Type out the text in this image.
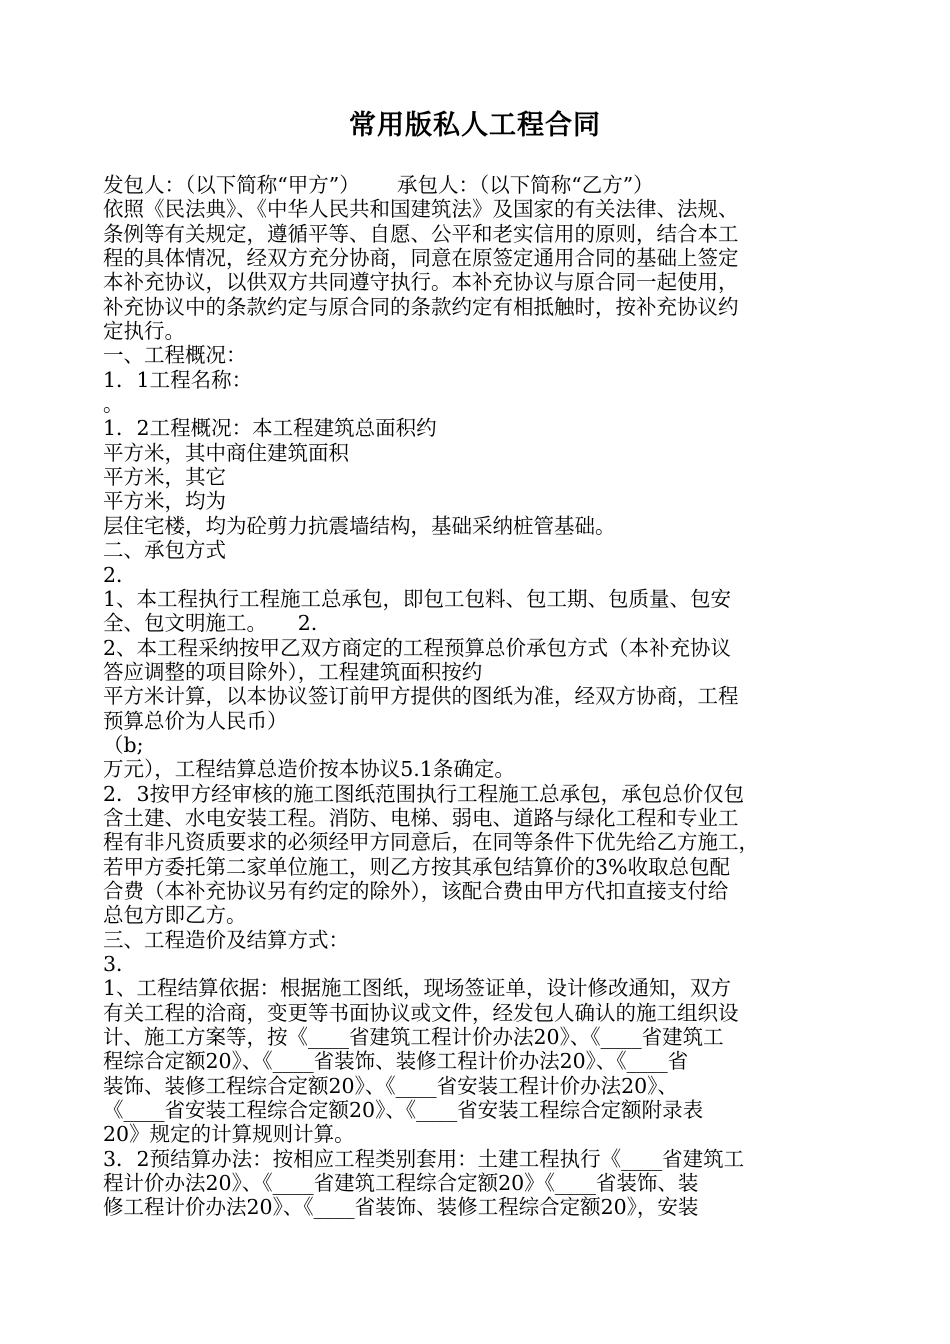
常用版私人工程合同
发包人：（以下简称“甲方”）　　 承包人：（以下简称“乙方”）
依照《民法典》、《中华人民共和国建筑法》及国家的有关法律、法规、
条例等有关规定，遵循平等、自愿、公平和老实信用的原则，结合本工
程的具体情况，经双方充分协商，同意在原签定通用合同的基础上签定
本补充协议，以供双方共同遵守执行。本补充协议与原合同一起使用，
补充协议中的条款约定与原合同的条款约定有相抵触时，按补充协议约
定执行。
一、工程概况：
1．1工程名称：
。
1．2工程概况：本工程建筑总面积约
平方米，其中商住建筑面积
平方米，其它
平方米，均为
层住宅楼，均为砼剪力抗震墙结构，基础采纳桩管基础。
二、承包方式
2．
1、本工程执行工程施工总承包，即包工包料、包工期、包质量、包安
全、包文明施工。　　2.
2、本工程采纳按甲乙双方商定的工程预算总价承包方式（本补充协议
答应调整的项目除外），工程建筑面积按约
平方米计算，以本协议签订前甲方提供的图纸为准，经双方协商，工程
预算总价为人民币）
（b;
万元），工程结算总造价按本协议5.1条确定。
2．3按甲方经审核的施工图纸范围执行工程施工总承包，承包总价仅包
含土建、水电安装工程。消防、电梯、弱电、道路与绿化工程和专业工
程有非凡资质要求的必须经甲方同意后，在同等条件下优先给乙方施工，
若甲方委托第二家单位施工，则乙方按其承包结算价的3%收取总包配
合费（本补充协议另有约定的除外），该配合费由甲方代扣直接支付给
总包方即乙方。
三、工程造价及结算方式：
3．
1、工程结算依据：根据施工图纸，现场签证单，设计修改通知，双方
有关工程的洽商，变更等书面协议或文件，经发包人确认的施工组织设
计、施工方案等，按《____省建筑工程计价办法20》、《____省建筑工
程综合定额20》、《____省装饰、装修工程计价办法20》、《____省
装饰、装修工程综合定额20》、《____省安装工程计价办法20》、
《____省安装工程综合定额20》、《____省安装工程综合定额附录表
20》规定的计算规则计算。
3．2预结算办法：按相应工程类别套用：土建工程执行《____省建筑工
程计价办法20》、《____省建筑工程综合定额20》《____省装饰、装
修工程计价办法20》、《____省装饰、装修工程综合定额20》，安装
